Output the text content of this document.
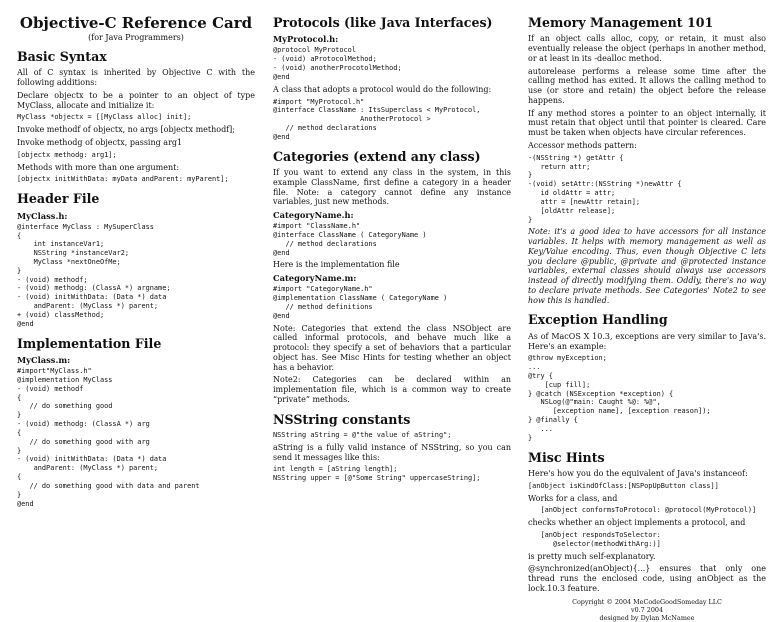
Objective-C Reference Card
(for Java Programmers)
Basic Syntax

All of C syntax is inherited by Objective C with the following additions:

Declare objectx to be a pointer to an object of type MyClass, allocate and initialize it:

MyClass *objectx = [[MyClass alloc] init];

Invoke methodf of objectx, no args [objectx methodf];

Invoke methodg of objectx, passing arg1

[objectx methodg: arg1];

Methods with more than one argument:

[objectx initWithData: myData andParent: myParent];
Header File
MyClass.h:
@interface MyClass : MySuperClass
{
int instanceVar1;
NSString *instanceVar2;
MyClass *nextOneOfMe;
}
- (void) methodf;
- (void) methodg: (ClassA *) argname;
- (void) initWithData: (Data *) data
andParent: (MyClass *) parent;
+ (void) classMethod;
@end
Implementation File
MyClass.m:
#import"MyClass.h"
@implementation MyClass
- (void) methodf
{
// do something good
}
- (void) methodg: (ClassA *) arg
{
// do something good with arg
}
- (void) initWithData: (Data *) data
andParent: (MyClass *) parent;
{
// do something good with data and parent
}
@end
Protocols (like Java Interfaces)
MyProtocol.h:
@protocol MyProtocol
- (void) aProtocolMethod;
- (void) anotherProcotolMethod;
@end

A class that adopts a protocol would do the following:

#import "MyProtocol.h"
@interface ClassName : ItsSuperclass < MyProtocol,
AnotherProtocol >
// method declarations
@end
Categories (extend any class)

If you want to extend any class in the system, in this example ClassName, first define a category in a header file. Note: a category cannot define any instance variables, just new methods.

CategoryName.h:
#import "ClassName.h"
@interface ClassName ( CategoryName )
// method declarations
@end

Here is the implementation file

CategoryName.m:
#import "CategoryName.h"
@implementation ClassName ( CategoryName )
// method definitions
@end

Note: Categories that extend the class NSObject are called informal protocols, and behave much like a protocol: they specify a set of behaviors that a particular object has. See Misc Hints for testing whether an object has a behavior.

Note2: Categories can be declared within an implementation file, which is a common way to create “private” methods.

NSString constants
NSString aString = @"the value of aString";

aString is a fully valid instance of NSString, so you can send it messages like this:

int length = [aString length];
NSString upper = [@"Some String" uppercaseString];
Memory Management 101

If an object calls alloc, copy, or retain, it must also eventually release the object (perhaps in another method, or at least in its -dealloc method.

autorelease performs a release some time after the calling method has exited. It allows the calling method to use (or store and retain) the object before the release happens.

If any method stores a pointer to an object internally, it must retain that object until that pointer is cleared. Care must be taken when objects have circular references.

Accessor methods pattern:

-(NSString *) getAttr {
return attr;
}
-(void) setAttr:(NSString *)newAttr {
id oldAttr = attr;
attr = [newAttr retain];
[oldAttr release];
}

Note: it's a good idea to have accessors for all instance variables. It helps with memory management as well as Key/Value encoding. Thus, even though Objective C lets you declare @public, @private and @protected instance variables, external classes should always use accessors instead of directly modifying them. Oddly, there's no way to declare private methods. See Categories' Note2 to see how this is handled.

Exception Handling

As of MacOS X 10.3, exceptions are very similar to Java's. Here's an example:

@throw myException;
...
@try {
[cup fill];
} @catch (NSException *exception) {
NSLog(@"main: Caught %@: %@",
[exception name], [exception reason]);
} @finally {
...
}
Misc Hints

Here's how you do the equivalent of Java's instanceof:

[anObject isKindOfClass:[NSPopUpButton class]]

Works for a class, and

[anObject conformsToProtocol: @protocol(MyProtocol)]

checks whether an object implements a protocol, and

[anObject respondsToSelector:
@selector(methodWithArg:)]

is pretty much self-explanatory.

@synchronized(anObject){...} ensures that only one thread runs the enclosed code, using anObject as the lock.10.3 feature.

Copyright © 2004 MeCodeGoodSomeday LLC
v0.7 2004
designed by Dylan McNamee
